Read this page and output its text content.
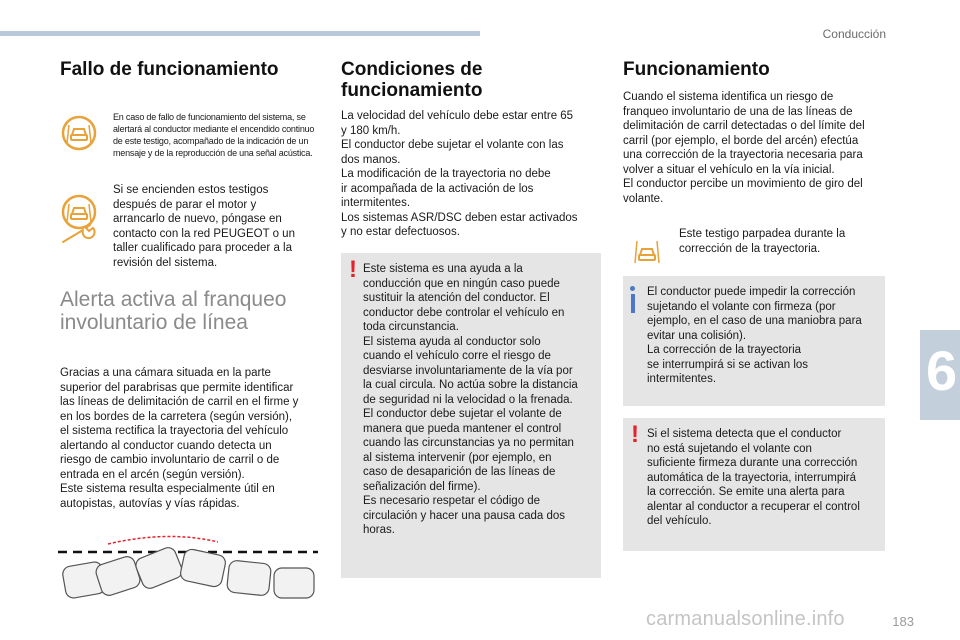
Conducción
6
Fallo de funcionamiento
En caso de fallo de funcionamiento del sistema, se
alertará al conductor mediante el encendido continuo
de este testigo, acompañado de la indicación de un
mensaje y de la reproducción de una señal acústica.
Si se encienden estos testigos
después de parar el motor y
arrancarlo de nuevo, póngase en
contacto con la red PEUGEOT o un
taller cualificado para proceder a la
revisión del sistema.
Alerta activa al franqueo
involuntario de línea
Gracias a una cámara situada en la parte
superior del parabrisas que permite identificar
las líneas de delimitación de carril en el firme y
en los bordes de la carretera (según versión),
el sistema rectifica la trayectoria del vehículo
alertando al conductor cuando detecta un
riesgo de cambio involuntario de carril o de
entrada en el arcén (según versión).
Este sistema resulta especialmente útil en
autopistas, autovías y vías rápidas.
Condiciones de
funcionamiento
La velocidad del vehículo debe estar entre 65
y 180 km/h.
El conductor debe sujetar el volante con las
dos manos.
La modificación de la trayectoria no debe
ir acompañada de la activación de los
intermitentes.
Los sistemas ASR/DSC deben estar activados
y no estar defectuosos.
! Este sistema es una ayuda a la
conducción que en ningún caso puede
sustituir la atención del conductor. El
conductor debe controlar el vehículo en
toda circunstancia.
El sistema ayuda al conductor solo
cuando el vehículo corre el riesgo de
desviarse involuntariamente de la vía por
la cual circula. No actúa sobre la distancia
de seguridad ni la velocidad o la frenada.
El conductor debe sujetar el volante de
manera que pueda mantener el control
cuando las circunstancias ya no permitan
al sistema intervenir (por ejemplo, en
caso de desaparición de las líneas de
señalización del firme).
Es necesario respetar el código de
circulación y hacer una pausa cada dos
horas.
Funcionamiento
Cuando el sistema identifica un riesgo de
franqueo involuntario de una de las líneas de
delimitación de carril detectadas o del límite del
carril (por ejemplo, el borde del arcén) efectúa
una corrección de la trayectoria necesaria para
volver a situar el vehículo en la vía inicial.
El conductor percibe un movimiento de giro del
volante.
Este testigo parpadea durante la
corrección de la trayectoria.
El conductor puede impedir la corrección
sujetando el volante con firmeza (por
ejemplo, en el caso de una maniobra para
evitar una colisión).
La corrección de la trayectoria
se interrumpirá si se activan los
intermitentes.
! Si el sistema detecta que el conductor
no está sujetando el volante con
suficiente firmeza durante una corrección
automática de la trayectoria, interrumpirá
la corrección. Se emite una alerta para
alentar al conductor a recuperar el control
del vehículo.
carmanualsonline.info	183
